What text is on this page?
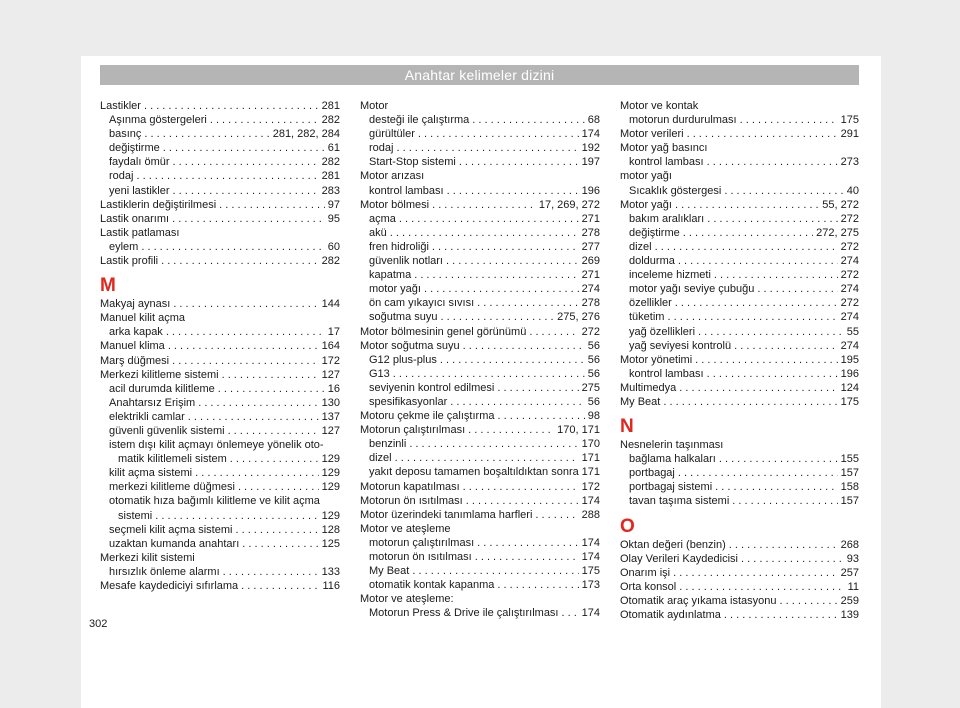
Anahtar kelimeler dizini
Lastikler . . .	281
Aşınma göstergeleri . . .	282
basınç . . .	281, 282, 284
değiştirme . . .	61
faydalı ömür . . .	282
rodaj . . .	281
yeni lastikler . . .	283
Lastiklerin değiştirilmesi . . .	97
Lastik onarımı . . .	95
Lastik patlaması
eylem . . .	60
Lastik profili . . .	282
M
Makyaj aynası . . .	144
Manuel kilit açma
arka kapak . . .	17
Manuel klima . . .	164
Marş düğmesi . . .	172
Merkezi kilitleme sistemi . . .	127
acil durumda kilitleme . . .	16
Anahtarsız Erişim . . .	130
elektrikli camlar . . .	137
güvenli güvenlik sistemi . . .	127
istem dışı kilit açmayı önlemeye yönelik oto-
matik kilitlemeli sistem . . .	129
kilit açma sistemi . . .	129
merkezi kilitleme düğmesi . . .	129
otomatik hıza bağımlı kilitleme ve kilit açma
sistemi . . .	129
seçmeli kilit açma sistemi . . .	128
uzaktan kumanda anahtarı . . .	125
Merkezi kilit sistemi
hırsızlık önleme alarmı . . .	133
Mesafe kaydediciyi sıfırlama . . .	116
Motor
desteği ile çalıştırma . . .	68
gürültüler . . .	174
rodaj . . .	192
Start-Stop sistemi . . .	197
Motor arızası
kontrol lambası . . .	196
Motor bölmesi . . .	17, 269, 272
açma . . .	271
akü . . .	278
fren hidroliği . . .	277
güvenlik notları . . .	269
kapatma . . .	271
motor yağı . . .	274
ön cam yıkayıcı sıvısı . . .	278
soğutma suyu . . .	275, 276
Motor bölmesinin genel görünümü . . .	272
Motor soğutma suyu . . .	56
G12 plus-plus . . .	56
G13 . . .	56
seviyenin kontrol edilmesi . . .	275
spesifikasyonlar . . .	56
Motoru çekme ile çalıştırma . . .	98
Motorun çalıştırılması . . .	170, 171
benzinli . . .	170
dizel . . .	171
yakıt deposu tamamen boşaltıldıktan sonra 171
Motorun kapatılması . . .	172
Motorun ön ısıtılması . . .	174
Motor üzerindeki tanımlama harfleri . . .	288
Motor ve ateşleme
motorun çalıştırılması . . .	174
motorun ön ısıtılması . . .	174
My Beat . . .	175
otomatik kontak kapanma . . .	173
Motor ve ateşleme:
Motorun Press & Drive ile çalıştırılması . . . 174
Motor ve kontak
motorun durdurulması . . .	175
Motor verileri . . .	291
Motor yağ basıncı
kontrol lambası . . .	273
motor yağı
Sıcaklık göstergesi . . .	40
Motor yağı . . .	55, 272
bakım aralıkları . . .	272
değiştirme . . .	272, 275
dizel . . .	272
doldurma . . .	274
inceleme hizmeti . . .	272
motor yağı seviye çubuğu . . .	274
özellikler . . .	272
tüketim . . .	274
yağ özellikleri . . .	55
yağ seviyesi kontrolü . . .	274
Motor yönetimi . . .	195
kontrol lambası . . .	196
Multimedya . . .	124
My Beat . . .	175
N
Nesnelerin taşınması
bağlama halkaları . . .	155
portbagaj . . .	157
portbagaj sistemi . . .	158
tavan taşıma sistemi . . .	157
O
Oktan değeri (benzin) . . .	268
Olay Verileri Kaydedicisi . . .	93
Onarım işi . . .	257
Orta konsol . . .	11
Otomatik araç yıkama istasyonu . . .	259
Otomatik aydınlatma . . .	139
302
